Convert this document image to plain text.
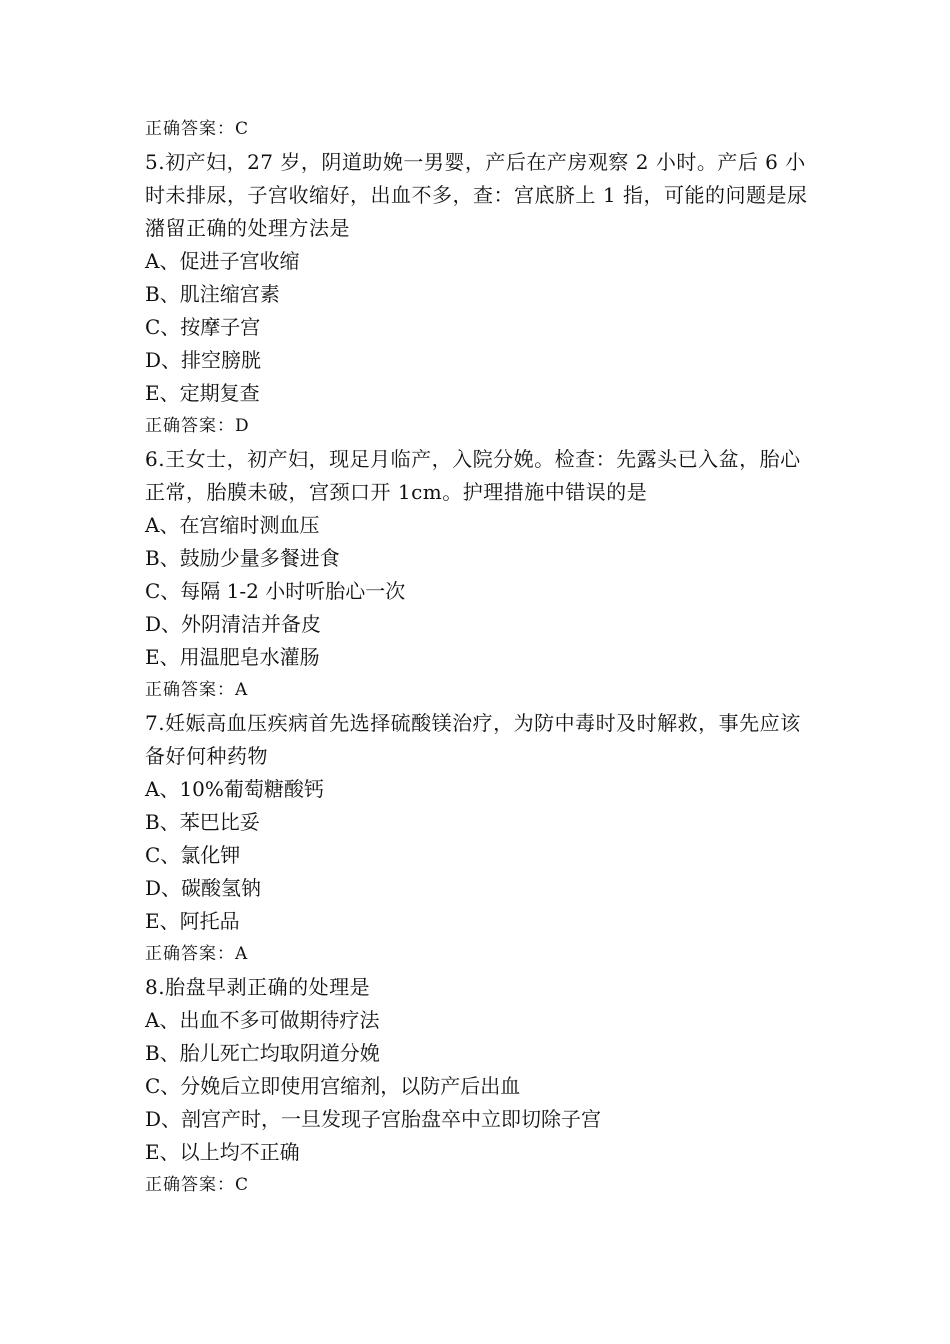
正确答案：C
5.初产妇，27 岁，阴道助娩一男婴，产后在产房观察 2 小时。产后 6 小时未排尿，子宫收缩好，出血不多，查：宫底脐上 1 指，可能的问题是尿潴留正确的处理方法是
A、促进子宫收缩
B、肌注缩宫素
C、按摩子宫
D、排空膀胱
E、定期复查
正确答案：D
6.王女士，初产妇，现足月临产，入院分娩。检查：先露头已入盆，胎心 正常，胎膜未破，宫颈口开 1cm。护理措施中错误的是
A、在宫缩时测血压
B、鼓励少量多餐进食
C、每隔 1-2 小时听胎心一次
D、外阴清洁并备皮
E、用温肥皂水灌肠
正确答案：A
7.妊娠高血压疾病首先选择硫酸镁治疗，为防中毒时及时解救，事先应该备好何种药物
A、10%葡萄糖酸钙
B、苯巴比妥
C、氯化钾
D、碳酸氢钠
E、阿托品
正确答案：A
8.胎盘早剥正确的处理是
A、出血不多可做期待疗法
B、胎儿死亡均取阴道分娩
C、分娩后立即使用宫缩剂，以防产后出血
D、剖宫产时，一旦发现子宫胎盘卒中立即切除子宫
E、以上均不正确
正确答案：C
